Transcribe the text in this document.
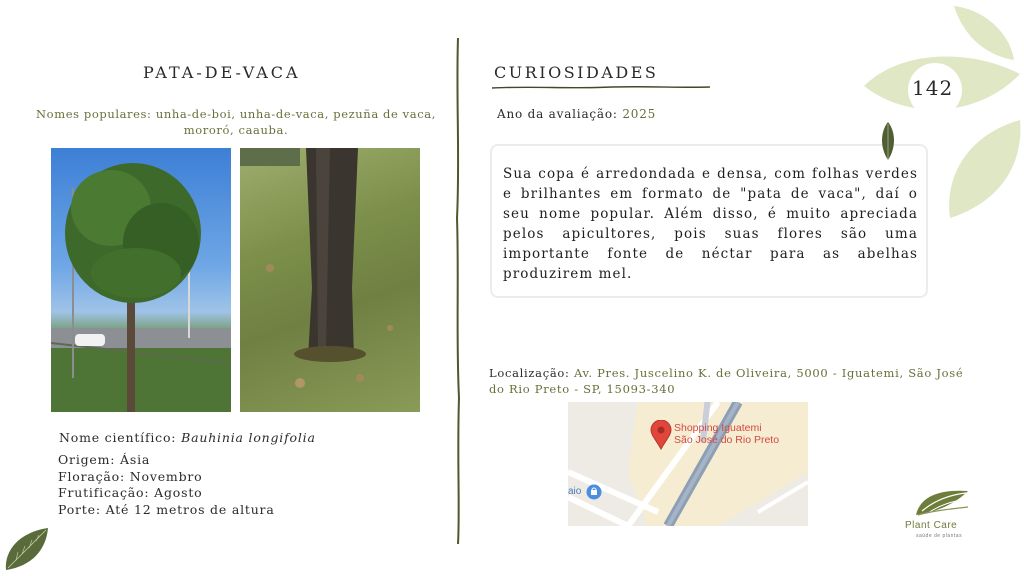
PATA-DE-VACA
Nomes populares: unha-de-boi, unha-de-vaca, pezuña de vaca, mororó, caauba.
Nome científico: Bauhinia longifolia
Origem: Ásia
Floração: Novembro
Frutificação: Agosto
Porte: Até 12 metros de altura
CURIOSIDADES
Ano da avaliação: 2025
Sua copa é arredondada e densa, com folhas verdes e brilhantes em formato de "pata de vaca", daí o seu nome popular. Além disso, é muito apreciada pelos apicultores, pois suas flores são uma importante fonte de néctar para as abelhas produzirem mel.
Localização: Av. Pres. Juscelino K. de Oliveira, 5000 - Iguatemi, São José do Rio Preto - SP, 15093-340
Shopping Iguatemi
São José do Rio Preto
aio
142
Plant Care
saúde de plantas
